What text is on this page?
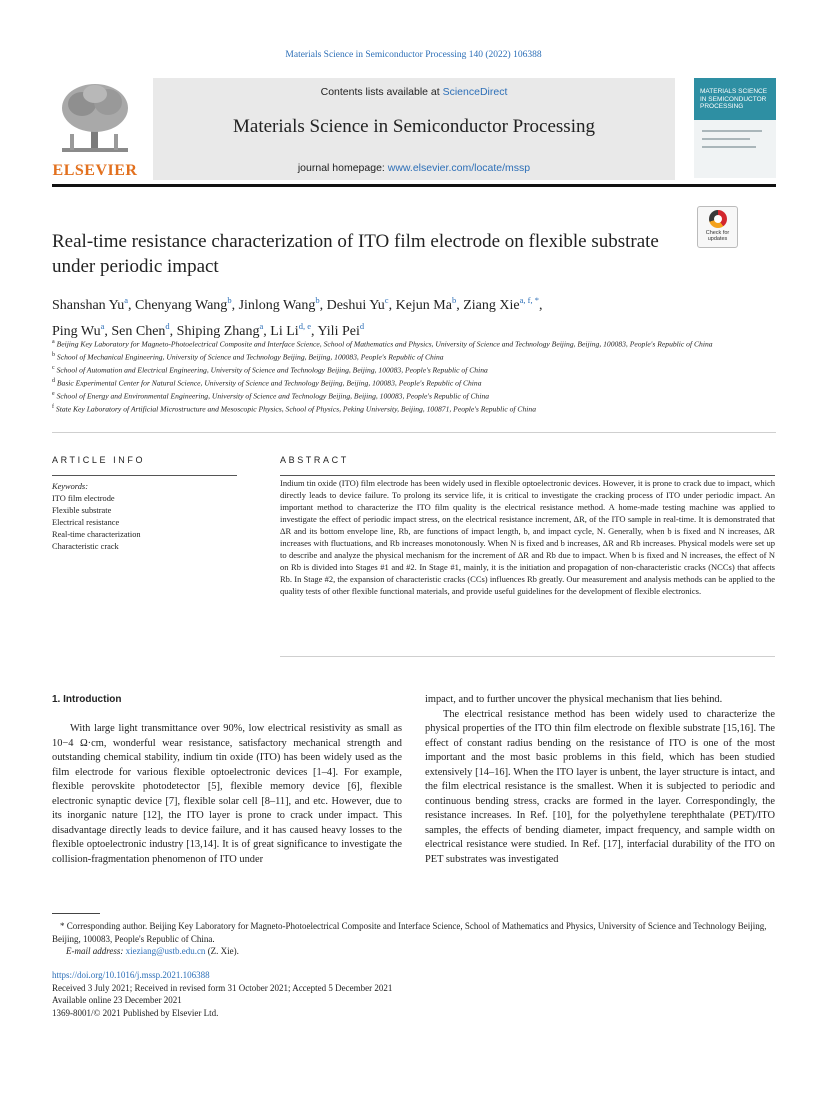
Materials Science in Semiconductor Processing 140 (2022) 106388
ELSEVIER
Contents lists available at ScienceDirect
Materials Science in Semiconductor Processing
journal homepage: www.elsevier.com/locate/mssp
MATERIALS SCIENCE
IN SEMICONDUCTOR
PROCESSING
Check for
updates
Real-time resistance characterization of ITO film electrode on flexible substrate under periodic impact
Shanshan Yu$^a$, Chenyang Wang$^b$, Jinlong Wang$^b$, Deshui Yu$^c$, Kejun Ma$^b$, Ziang Xie$^{a, f, *}$,
Ping Wu$^a$, Sen Chen$^d$, Shiping Zhang$^a$, Li Li$^{d, e}$, Yili Pei$^d$
$^a$ Beijing Key Laboratory for Magneto-Photoelectrical Composite and Interface Science, School of Mathematics and Physics, University of Science and Technology Beijing, Beijing, 100083, People's Republic of China
$^b$ School of Mechanical Engineering, University of Science and Technology Beijing, Beijing, 100083, People's Republic of China
$^c$ School of Automation and Electrical Engineering, University of Science and Technology Beijing, Beijing, 100083, People's Republic of China
$^d$ Basic Experimental Center for Natural Science, University of Science and Technology Beijing, Beijing, 100083, People's Republic of China
$^e$ School of Energy and Environmental Engineering, University of Science and Technology Beijing, Beijing, 100083, People's Republic of China
$^f$ State Key Laboratory of Artificial Microstructure and Mesoscopic Physics, School of Physics, Peking University, Beijing, 100871, People's Republic of China
ARTICLE INFO
Keywords:
ITO film electrode
Flexible substrate
Electrical resistance
Real-time characterization
Characteristic crack
ABSTRACT
Indium tin oxide (ITO) film electrode has been widely used in flexible optoelectronic devices. However, it is prone to crack due to impact, which directly leads to device failure. To prolong its service life, it is critical to investigate the cracking process of ITO under periodic impact. An important method to characterize the ITO film quality is the electrical resistance method. A home-made testing machine was applied to investigate the effect of periodic impact stress, on the electrical resistance increment, ΔR, of the ITO sample in real-time. It is demonstrated that ΔR and its bottom envelope line, Rb, are functions of impact length, b, and impact cycle, N. Generally, when b is fixed and N increases, ΔR increases with fluctuations, and Rb increases monotonously. When N is fixed and b increases, ΔR and Rb increases. Physical models were set up to describe and analyze the physical mechanism for the increment of ΔR and Rb due to impact. When b is fixed and N increases, the effect of N on Rb is divided into Stages #1 and #2. In Stage #1, mainly, it is the initiation and propagation of non-characteristic cracks (NCCs) that affects Rb. In Stage #2, the expansion of characteristic cracks (CCs) influences Rb greatly. Our measurement and analysis methods can be applied to the quality tests of other flexible functional materials, and provide useful guidelines for the development of flexible electronics.
1. Introduction

With large light transmittance over 90%, low electrical resistivity as small as 10−4 Ω·cm, wonderful wear resistance, satisfactory mechanical strength and outstanding chemical stability, indium tin oxide (ITO) has been widely used as the film electrode for various flexible optoelectronic devices [1–4]. For example, flexible perovskite photodetector [5], flexible memory device [6], flexible electronic synaptic device [7], flexible solar cell [8–11], and etc. However, due to its inorganic nature [12], the ITO layer is prone to crack under impact. This disadvantage directly leads to device failure, and it has caused heavy losses to the flexible optoelectronic industry [13,14]. It is of great significance to investigate the collision-fragmentation phenomenon of ITO under

impact, and to further uncover the physical mechanism that lies behind.

The electrical resistance method has been widely used to characterize the physical properties of the ITO thin film electrode on flexible substrate [15,16]. The effect of constant radius bending on the resistance of ITO is one of the most important and the most basic problems in this field, which has been studied extensively [14–16]. When the ITO layer is unbent, the layer structure is intact, and the film electrical resistance is the smallest. When it is subjected to periodic and continuous bending stress, cracks are formed in the layer. Correspondingly, the resistance increases. In Ref. [10], for the polyethylene terephthalate (PET)/ITO samples, the effects of bending diameter, impact frequency, and sample width on electrical resistance were studied. In Ref. [17], interfacial durability of the ITO on PET substrates was investigated

* Corresponding author. Beijing Key Laboratory for Magneto-Photoelectrical Composite and Interface Science, School of Mathematics and Physics, University of Science and Technology Beijing, Beijing, 100083, People's Republic of China.
E-mail address: xieziang@ustb.edu.cn (Z. Xie).
https://doi.org/10.1016/j.mssp.2021.106388
Received 3 July 2021; Received in revised form 31 October 2021; Accepted 5 December 2021
Available online 23 December 2021
1369-8001/© 2021 Published by Elsevier Ltd.
